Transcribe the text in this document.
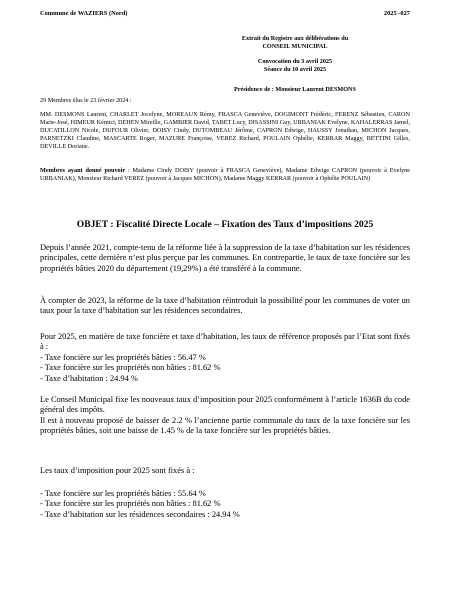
Commune de WAZIERS (Nord)	2025 -027
Extrait du Registre aux délibérations du
CONSEIL MUNICIPAL
Convocation du 3 avril 2025
Séance du 10 avril 2025
Présidence de : Monsieur Laurent DESMONS
29 Membres élus le 23 février 2024 :
MM. DESMONS Laurent, CHARLET Jocelyne, MOREAUX Rémy, FRASCA Geneviève, DOGIMONT Frédéric, FERENZ Sébastien, CARON Marie-José, HIMEUR Kémici, DEHEN Mireille, GAMBIER David, TABET Lucy, DISASSINI Guy, URBANIAK Evelyne, KAHALERRAS Jamel, DUCATILLON Nicole, DUFOUR Olivier, DOISY Cindy, DUTOMBEAU Jérôme, CAPRON Edwige, HAUSSY Jonathan, MICHON Jacques, PARNETZKI Claudine, MASCARTE Roger, MAZURE Françoise, VEREZ Richard, POULAIN Ophélie, KERRAR Maggy, BETTINI Gilles, DEVILLE Doriane.
Membres ayant donné pouvoir : Madame Cindy DOISY (pouvoir à FRASCA Geneviève), Madame Edwige CAPRON (pouvoir à Evelyne URBANIAK), Monsieur Richard VEREZ (pouvoir à Jacques MICHON), Madame Maggy KERRAR (pouvoir à Ophélie POULAIN)
OBJET : Fiscalité Directe Locale – Fixation des Taux d’impositions 2025

Depuis l’année 2021, compte-tenu de la réforme liée à la suppression de la taxe d’habitation sur les résidences principales, cette dernière n’est plus perçue par les communes. En contrepartie, le taux de taxe foncière sur les propriétés bâties 2020 du département (19,29%) a été transféré à la commune.

À compter de 2023, la réforme de la taxe d’habitation réintroduit la possibilité pour les communes de voter un taux pour la taxe d’habitation sur les résidences secondaires.

Pour 2025, en matière de taxe foncière et taxe d’habitation, les taux de référence proposés par l’Etat sont fixés à :

- Taxe foncière sur les propriétés bâties : 56.47 %

- Taxe foncière sur les propriétés non bâties : 81.62 %

- Taxe d’habitation : 24.94 %

Le Conseil Municipal fixe les nouveaux taux d’imposition pour 2025 conformément à l’article 1636B du code général des impôts.

Il est à nouveau proposé de baisser de 2.2 % l’ancienne partie communale du taux de la taxe foncière sur les propriétés bâties, soit une baisse de 1.45 % de la taxe foncière sur les propriétés bâties.

Les taux d’imposition pour 2025 sont fixés à :

- Taxe foncière sur les propriétés bâties : 55.64 %

- Taxe foncière sur les propriétés non bâties : 81.62 %

- Taxe d’habitation sur les résidences secondaires : 24.94 %
